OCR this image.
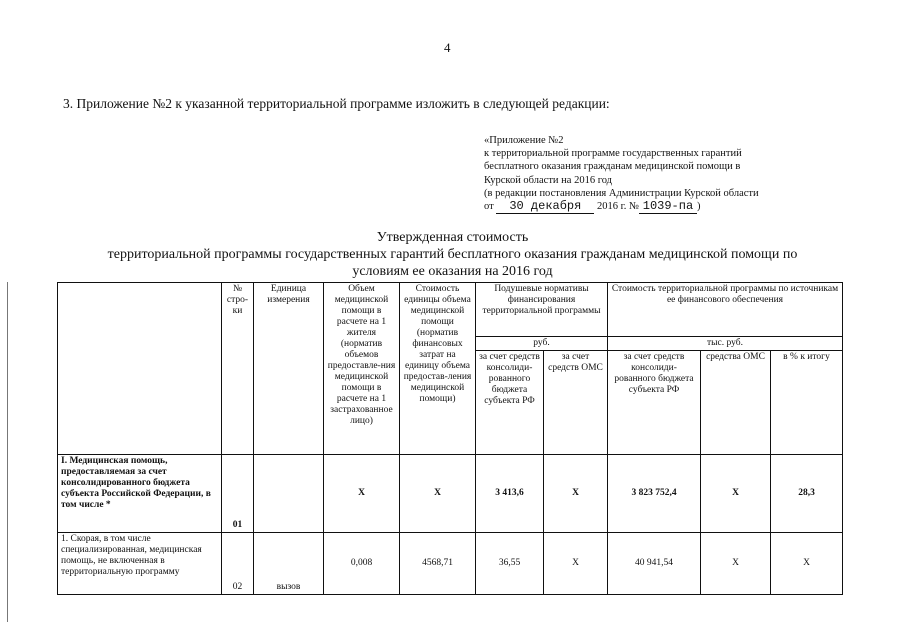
4
3. Приложение №2 к указанной территориальной программе изложить в следующей редакции:
«Приложение №2
к территориальной программе государственных гарантий
бесплатного оказания гражданам медицинской помощи в
Курской области на 2016 год
(в редакции постановления Администрации Курской области
от 30 декабря 2016 г. № 1039-па )
Утвержденная стоимость
территориальной программы государственных гарантий бесплатного оказания гражданам медицинской помощи по
условиям ее оказания на 2016 год
	№ стро-ки	Единица измерения	Объем медицинской помощи в расчете на 1 жителя (норматив объемов предоставле-ния медицинской помощи в расчете на 1 застрахованное лицо)	Стоимость единицы объема медицинской помощи (норматив финансовых затрат на единицу объема предостав-ления медицинской помощи)	Подушевые нормативы финансирования территориальной программы		Стоимость территориальной программы по источникам ее финансового обеспечения		
					руб.		тыс. руб.		
					за счет средств консолиди-рованного бюджета субъекта РФ	за счет средств ОМС	за счет средств консолиди-рованного бюджета субъекта РФ	средства ОМС	в % к итогу
I. Медицинская помощь, предоставляемая за счет консолидированного бюджета субъекта Российской Федерации, в том числе *	01		X	X	3 413,6	X	3 823 752,4	X	28,3
1. Скорая, в том числе специализированная, медицинская помощь, не включенная в территориальную программу	02	вызов	0,008	4568,71	36,55	X	40 941,54	X	X
